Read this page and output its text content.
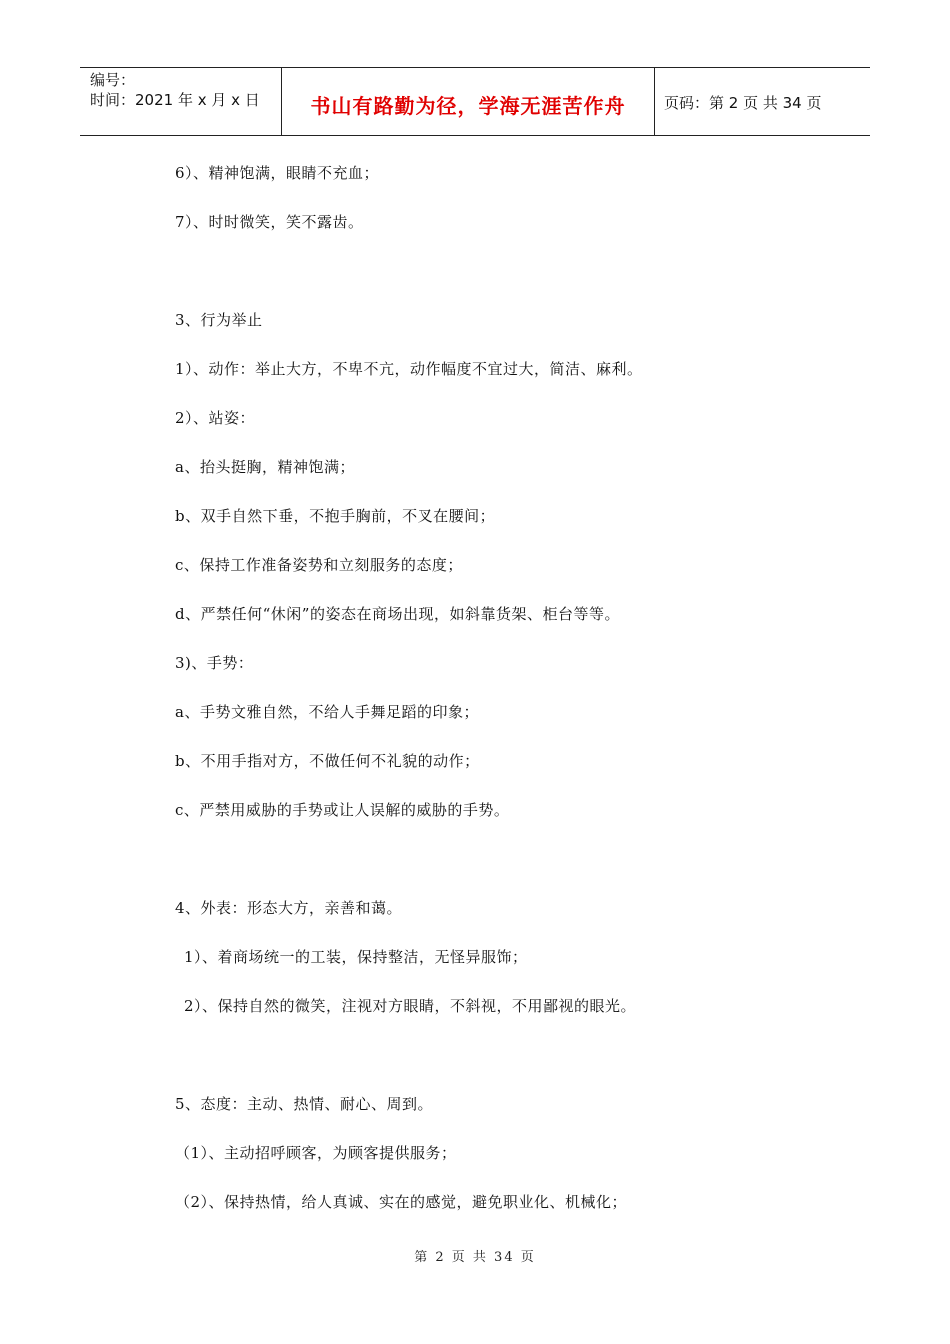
编号：
时间：2021 年 x 月 x 日	书山有路勤为径，学海无涯苦作舟	页码：第 2 页 共 34 页
6）、精神饱满，眼睛不充血；
7）、时时微笑，笑不露齿。
3、行为举止
1）、动作：举止大方，不卑不亢，动作幅度不宜过大，简洁、麻利。
2）、站姿：
a、抬头挺胸，精神饱满；
b、双手自然下垂，不抱手胸前，不叉在腰间；
c、保持工作准备姿势和立刻服务的态度；
d、严禁任何“休闲”的姿态在商场出现，如斜靠货架、柜台等等。
3)、手势：
a、手势文雅自然，不给人手舞足蹈的印象；
b、不用手指对方，不做任何不礼貌的动作；
c、严禁用威胁的手势或让人误解的威胁的手势。
4、外表：形态大方，亲善和蔼。
1）、着商场统一的工装，保持整洁，无怪异服饰；
2）、保持自然的微笑，注视对方眼睛，不斜视，不用鄙视的眼光。
5、态度：主动、热情、耐心、周到。
（1）、主动招呼顾客，为顾客提供服务；
（2）、保持热情，给人真诚、实在的感觉，避免职业化、机械化；
第 2 页 共 34 页
